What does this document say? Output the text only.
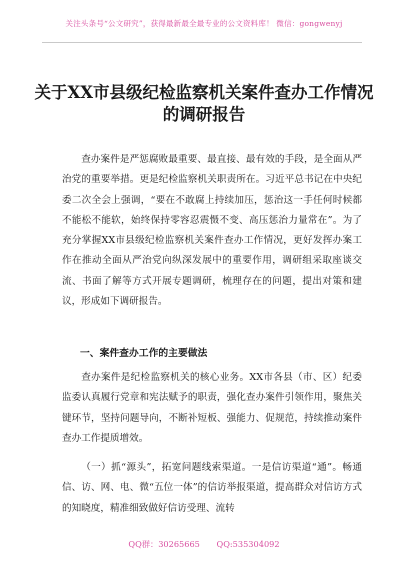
关注头条号“公文研究”，获得最新最全最专业的公文资料库！ 微信：gongwenyj
关于XX市县级纪检监察机关案件查办工作情况的调研报告
查办案件是严惩腐败最重要、最直接、最有效的手段，是全面从严治党的重要举措。更是纪检监察机关职责所在。习近平总书记在中央纪委二次全会上强调，“要在不敢腐上持续加压，惩治这一手任何时候都不能松不能软，始终保持零容忍震慑不变、高压惩治力量常在”。为了充分掌握XX市县级纪检监察机关案件查办工作情况，更好发挥办案工作在推动全面从严治党向纵深发展中的重要作用，调研组采取座谈交流、书面了解等方式开展专题调研，梳理存在的问题，提出对策和建议，形成如下调研报告。
一、案件查办工作的主要做法
查办案件是纪检监察机关的核心业务。XX市各县（市、区）纪委监委认真履行党章和宪法赋予的职责，强化查办案件引领作用，聚焦关键环节，坚持问题导向，不断补短板、强能力、促规范，持续推动案件查办工作提质增效。
（一）抓“源头”，拓宽问题线索渠道。一是信访渠道“通”。畅通信、访、网、电、微“五位一体”的信访举报渠道，提高群众对信访方式的知晓度，精准细致做好信访受理、流转
QQ群：30265665 QQ:535304092
